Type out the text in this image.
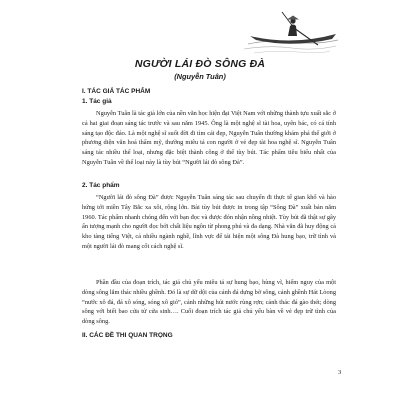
NGƯỜI LÁI ĐÒ SÔNG ĐÀ
(Nguyễn Tuân)
I. TÁC GIẢ TÁC PHẨM
1. Tác giả
Nguyễn Tuân là tác giả lớn của nền văn học hiện đại Việt Nam với những thành tựu xuất sắc ở cả hai giai đoạn sáng tác trước và sau năm 1945. Ông là một nghệ sĩ tài hoa, uyên bác, có cá tính sáng tạo độc đáo. Là một nghệ sĩ suốt đời đi tìm cái đẹp, Nguyễn Tuân thường khám phá thế giới ở phương diện văn hoá thẩm mỹ, thường miêu tả con người ở vẻ đẹp tài hoa nghệ sĩ. Nguyễn Tuân sáng tác nhiều thể loại, nhưng đặc biệt thành công ở thể tùy bút. Tác phẩm tiêu biểu nhất của Nguyễn Tuân về thể loại này là tùy bút “Người lái đò sông Đà”.
2. Tác phẩm
“Người lái đò sông Đà” được Nguyễn Tuân sáng tác sau chuyến đi thực tế gian khổ và hào hứng tới miền Tây Bắc xa xôi, rộng lớn. Bài tùy bút được in trong tập “Sông Đà” xuất bản năm 1960. Tác phẩm nhanh chóng đến với bạn đọc và được đón nhận nồng nhiệt. Tùy bút đã thật sự gây ấn tượng mạnh cho người đọc bởi chất liệu ngôn từ phong phú và đa dạng. Nhà văn đã huy động cả kho tàng tiếng Việt, cả nhiều ngành nghề, lĩnh vực để tái hiện một sông Đà hung bạo, trữ tình và một người lái đò mang cốt cách nghệ sĩ.
Phần đầu của đoạn trích, tác giả chủ yếu miêu tả sự hung bạo, hùng vĩ, hiểm nguy của một dòng sông lắm thác nhiều ghềnh. Đó là sự dữ dội của cảnh đá dựng bờ sông, cảnh ghềnh Hát Lòong “nước xô đá, đá xô sóng, sóng xô gió”, cảnh những hút nước rùng rợn; cảnh thác đá gào thét; dòng sông với biết bao cửa tử cửa sinh…. Cuối đoạn trích tác giả chủ yếu bàn về vẻ đẹp trữ tình của dòng sông.
II. CÁC ĐỀ THI QUAN TRỌNG
3
